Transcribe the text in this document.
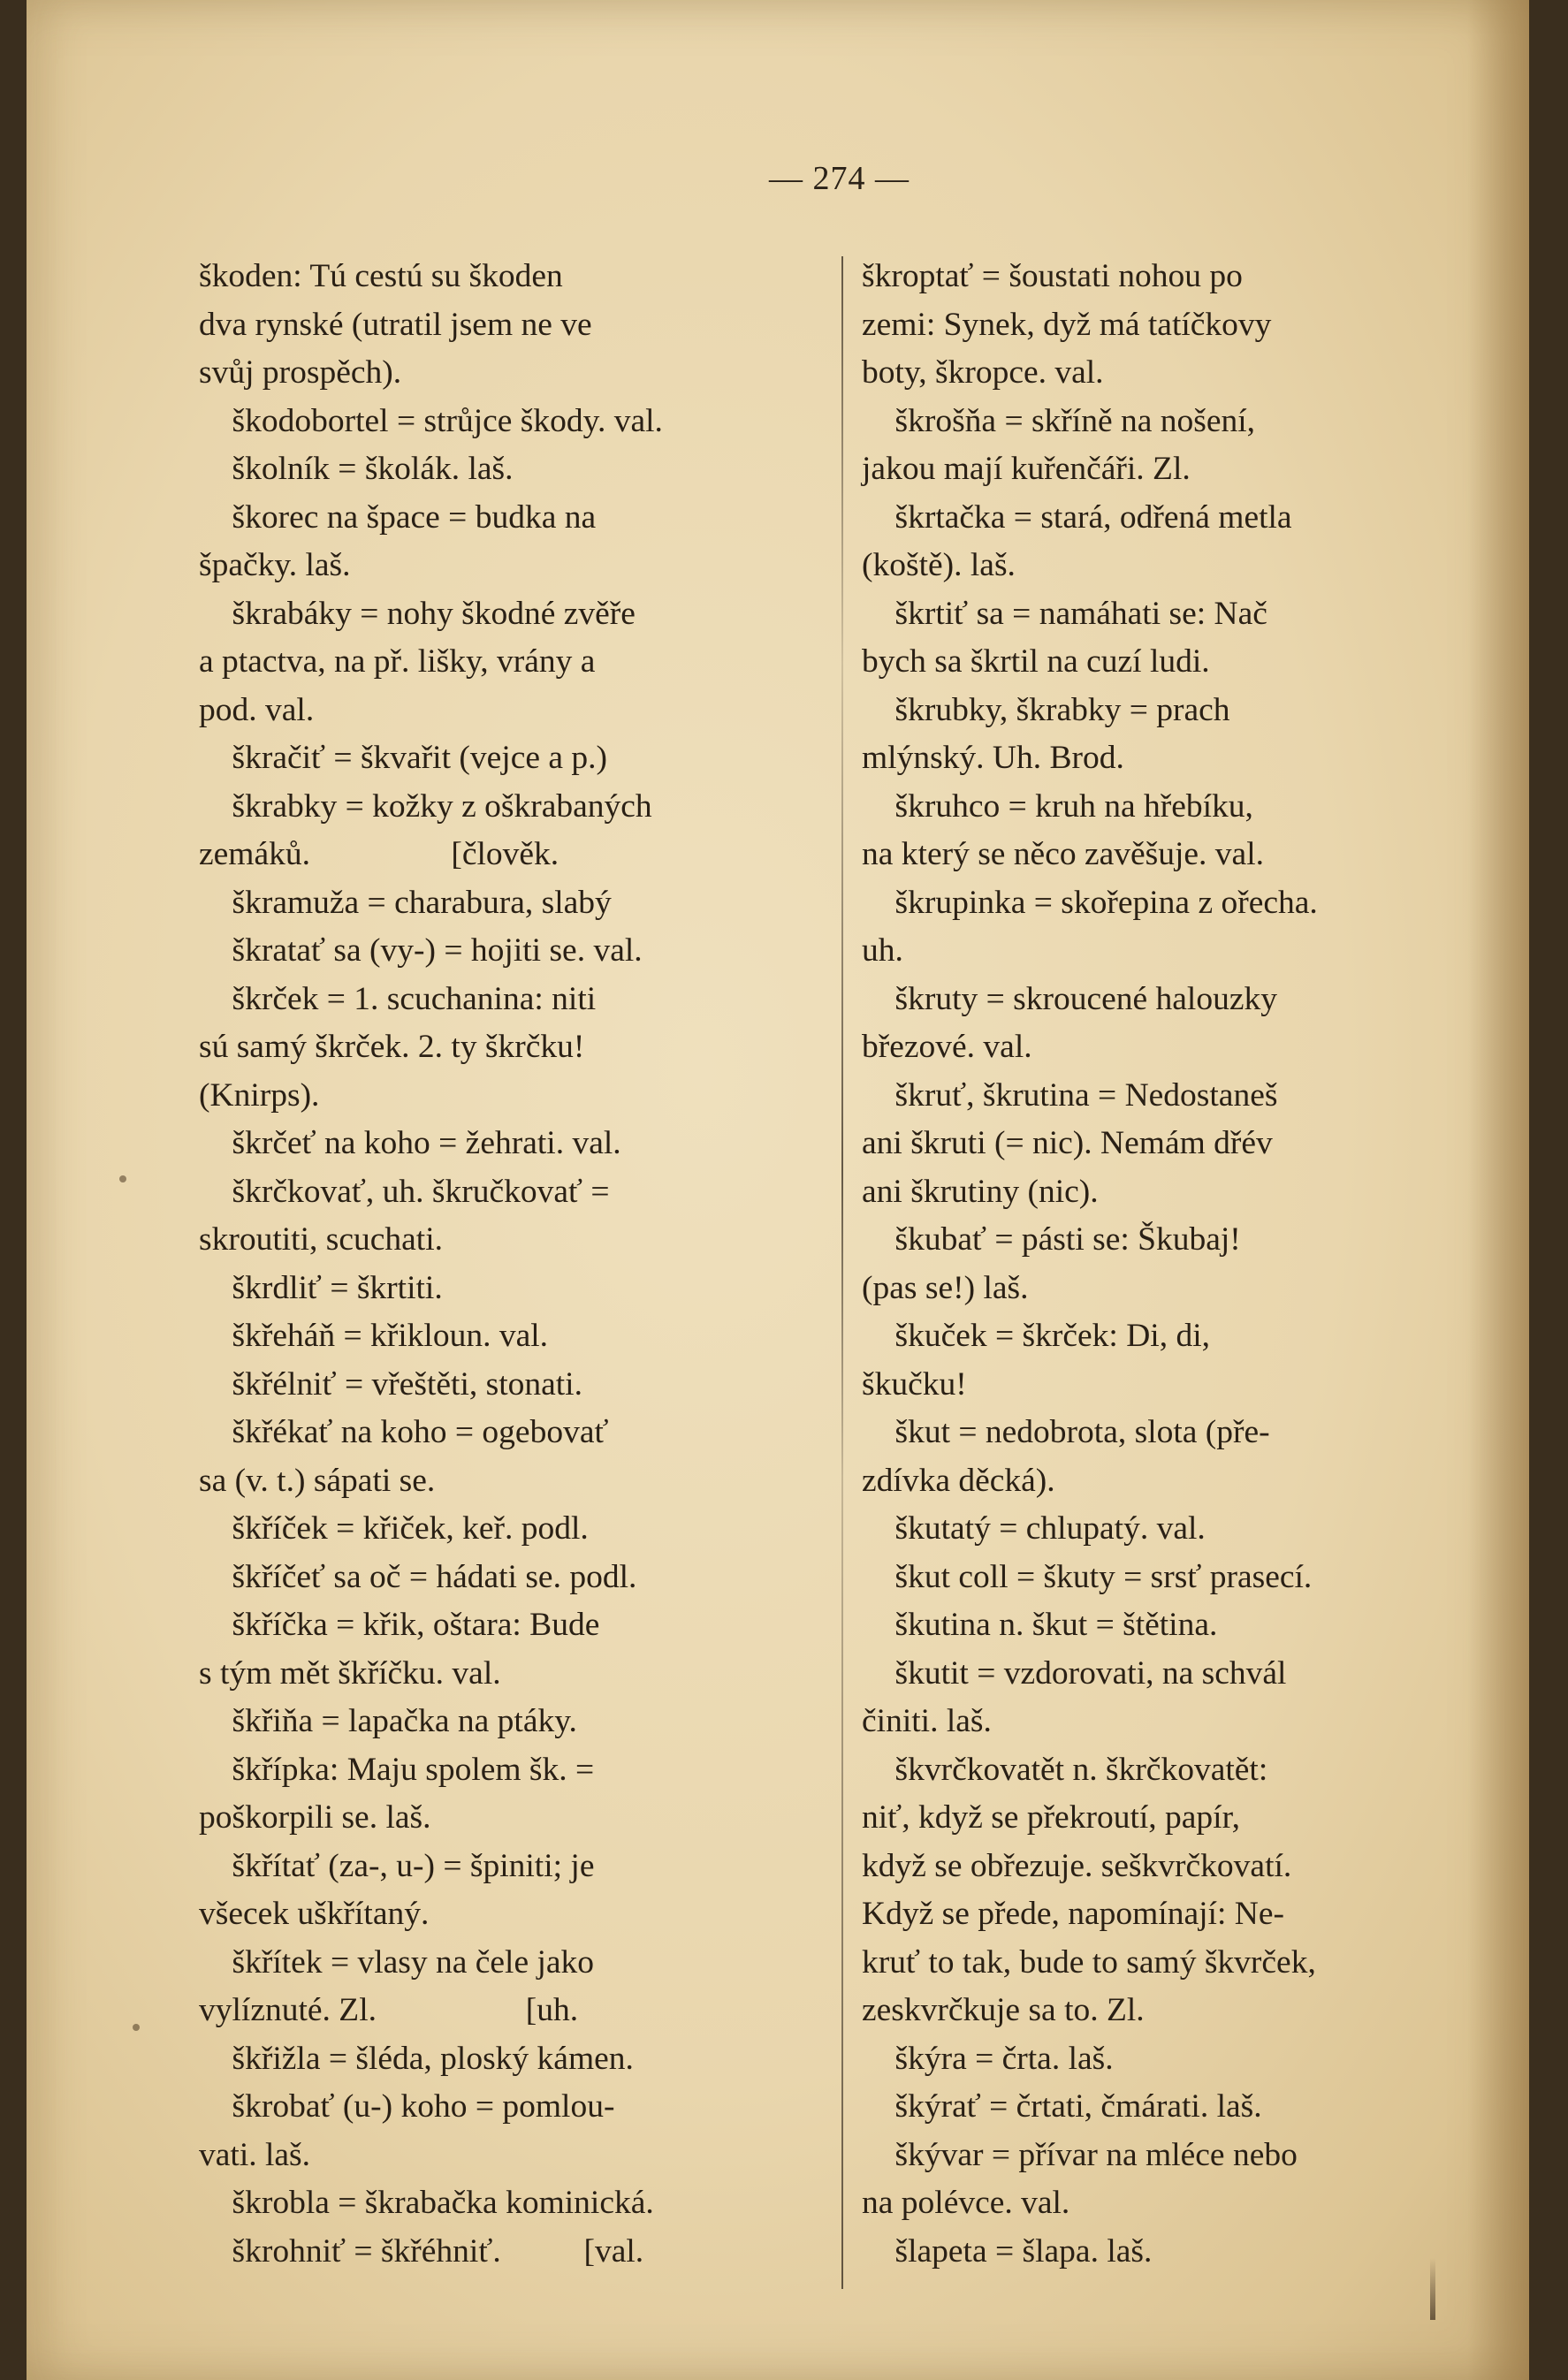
— 274 —
škoden: Tú cestú su škoden
dva rynské (utratil jsem ne ve
svůj prospěch).
škodobortel = strůjce škody. val.
školník = školák. laš.
škorec na špace = budka na
špačky. laš.
škrabáky = nohy škodné zvěře
a ptactva, na př. lišky, vrány a
pod. val.
škračiť = škvařit (vejce a p.)
škrabky = kožky z oškrabaných
zemáků.                 [člověk.
škramuža = charabura, slabý
škratať sa (vy-) = hojiti se. val.
škrček = 1. scuchanina: niti
sú samý škrček. 2. ty škrčku!
(Knirps).
škrčeť na koho = žehrati. val.
škrčkovať, uh. škručkovať =
skroutiti, scuchati.
škrdliť = škrtiti.
škřeháň = křikloun. val.
škřélniť = vřeštěti, stonati.
škřékať na koho = ogebovať
sa (v. t.) sápati se.
škříček = křiček, keř. podl.
škříčeť sa oč = hádati se. podl.
škříčka = křik, oštara: Bude
s tým mět škříčku. val.
škřiňa = lapačka na ptáky.
škřípka: Maju spolem šk. =
poškorpili se. laš.
škřítať (za-, u-) = špiniti; je
všecek uškřítaný.
škřítek = vlasy na čele jako
vylíznuté. Zl.                  [uh.
škřižla = šléda, ploský kámen.
škrobať (u-) koho = pomlou-
vati. laš.
škrobla = škrabačka kominická.
škrohniť = škřéhniť.          [val.
škroptať = šoustati nohou po
zemi: Synek, dyž má tatíčkovy
boty, škropce. val.
škrošňa = skříně na nošení,
jakou mají kuřenčáři. Zl.
škrtačka = stará, odřená metla
(koště). laš.
škrtiť sa = namáhati se: Nač
bych sa škrtil na cuzí ludi.
škrubky, škrabky = prach
mlýnský. Uh. Brod.
škruhco = kruh na hřebíku,
na který se něco zavěšuje. val.
škrupinka = skořepina z ořecha.
uh.
škruty = skroucené halouzky
březové. val.
škruť, škrutina = Nedostaneš
ani škruti (= nic). Nemám dřév
ani škrutiny (nic).
škubať = pásti se: Škubaj!
(pas se!) laš.
škuček = škrček: Di, di,
škučku!
škut = nedobrota, slota (pře-
zdívka děcká).
škutatý = chlupatý. val.
škut coll = škuty = srsť prasecí.
škutina n. škut = štětina.
škutit = vzdorovati, na schvál
činiti. laš.
škvrčkovatět n. škrčkovatět:
niť, když se překroutí, papír,
když se obřezuje. seškvrčkovatí.
Když se přede, napomínají: Ne-
kruť to tak, bude to samý škvrček,
zeskvrčkuje sa to. Zl.
škýra = črta. laš.
škýrať = črtati, čmárati. laš.
škývar = přívar na mléce nebo
na polévce. val.
šlapeta = šlapa. laš.
